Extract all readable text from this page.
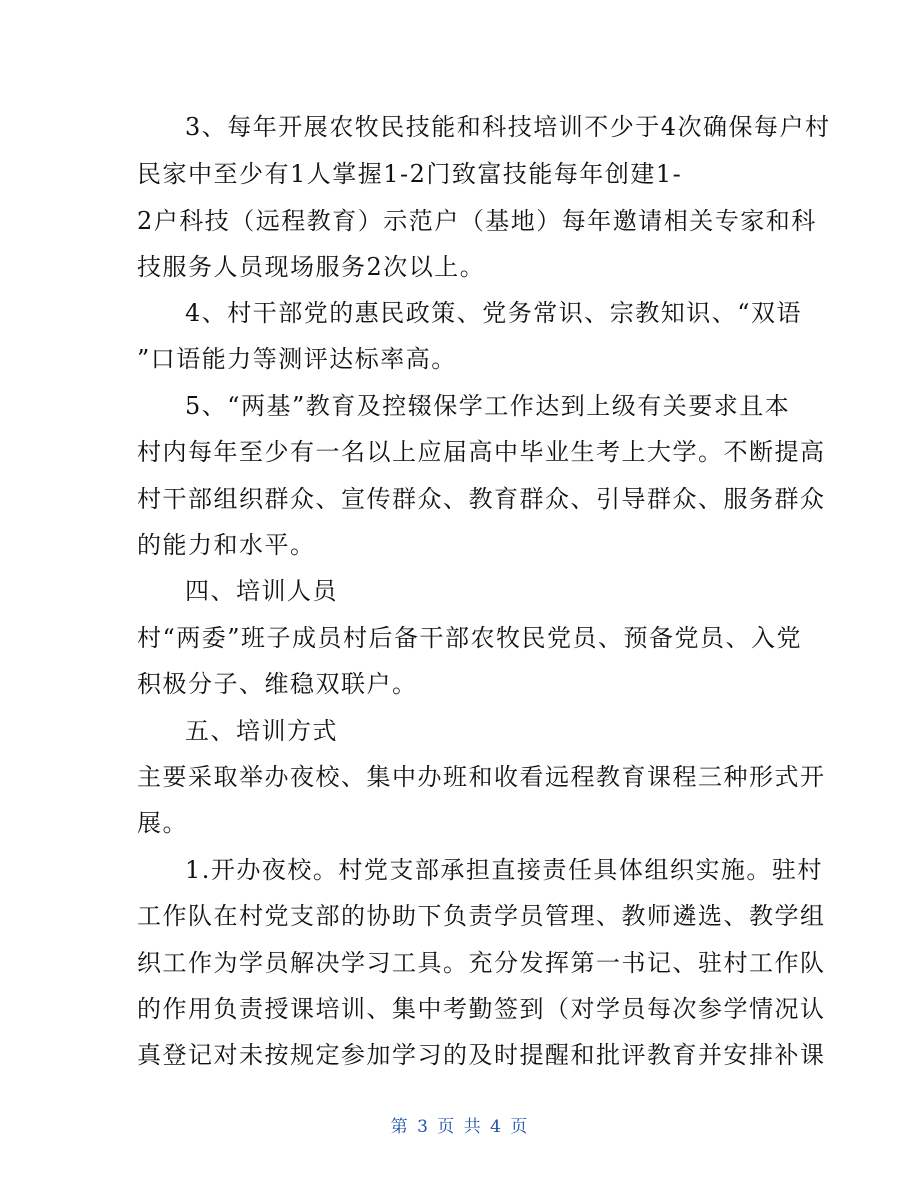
3、每年开展农牧民技能和科技培训不少于4次确保每户村
民家中至少有1人掌握1-2门致富技能每年创建1-
2户科技（远程教育）示范户（基地）每年邀请相关专家和科
技服务人员现场服务2次以上。
4、村干部党的惠民政策、党务常识、宗教知识、“双语
”口语能力等测评达标率高。
5、“两基”教育及控辍保学工作达到上级有关要求且本
村内每年至少有一名以上应届高中毕业生考上大学。不断提高
村干部组织群众、宣传群众、教育群众、引导群众、服务群众
的能力和水平。
四、培训人员
村“两委”班子成员村后备干部农牧民党员、预备党员、入党
积极分子、维稳双联户。
五、培训方式
主要采取举办夜校、集中办班和收看远程教育课程三种形式开
展。
1.开办夜校。村党支部承担直接责任具体组织实施。驻村
工作队在村党支部的协助下负责学员管理、教师遴选、教学组
织工作为学员解决学习工具。充分发挥第一书记、驻村工作队
的作用负责授课培训、集中考勤签到（对学员每次参学情况认
真登记对未按规定参加学习的及时提醒和批评教育并安排补课
第 3 页 共 4 页
